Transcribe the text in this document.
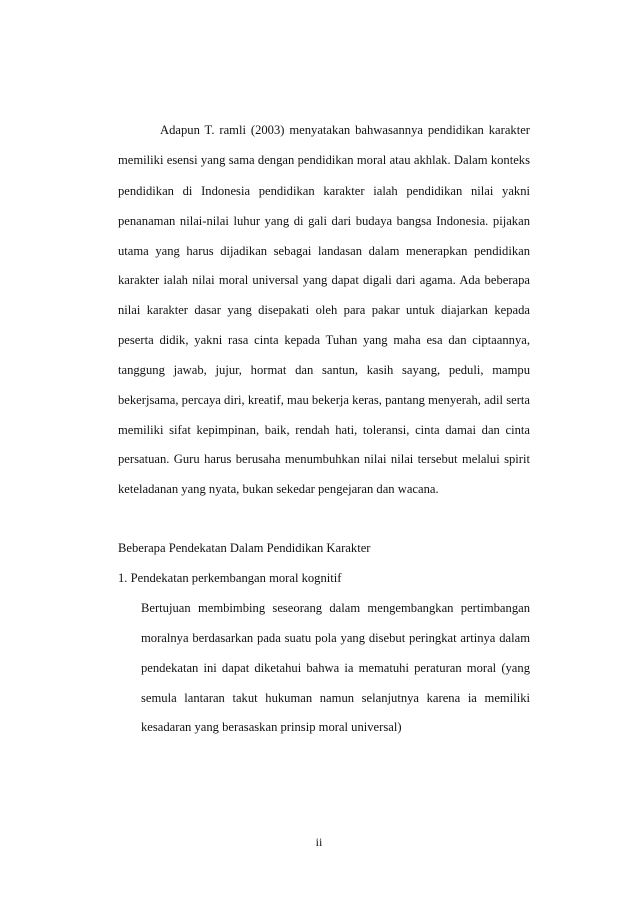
Adapun T. ramli (2003) menyatakan bahwasannya pendidikan karakter
memiliki esensi yang sama dengan pendidikan moral atau akhlak. Dalam konteks
pendidikan di Indonesia pendidikan karakter ialah pendidikan nilai yakni
penanaman nilai-nilai luhur yang di gali dari budaya bangsa Indonesia. pijakan
utama yang harus dijadikan sebagai landasan dalam menerapkan pendidikan
karakter ialah nilai moral universal yang dapat digali dari agama. Ada beberapa
nilai karakter dasar yang disepakati oleh para pakar untuk diajarkan kepada
peserta didik, yakni rasa cinta kepada Tuhan yang maha esa dan ciptaannya,
tanggung jawab, jujur, hormat dan santun, kasih sayang, peduli, mampu
bekerjsama, percaya diri, kreatif, mau bekerja keras, pantang menyerah, adil serta
memiliki sifat kepimpinan, baik, rendah hati, toleransi, cinta damai dan cinta
persatuan. Guru harus berusaha menumbuhkan nilai nilai tersebut melalui spirit
keteladanan yang nyata, bukan sekedar pengejaran dan wacana.
Beberapa Pendekatan Dalam Pendidikan Karakter
1. Pendekatan perkembangan moral kognitif
Bertujuan membimbing seseorang dalam mengembangkan pertimbangan
moralnya berdasarkan pada suatu pola yang disebut peringkat artinya dalam
pendekatan ini dapat diketahui bahwa ia mematuhi peraturan moral (yang
semula lantaran takut hukuman namun selanjutnya karena ia memiliki
kesadaran yang berasaskan prinsip moral universal)
ii
